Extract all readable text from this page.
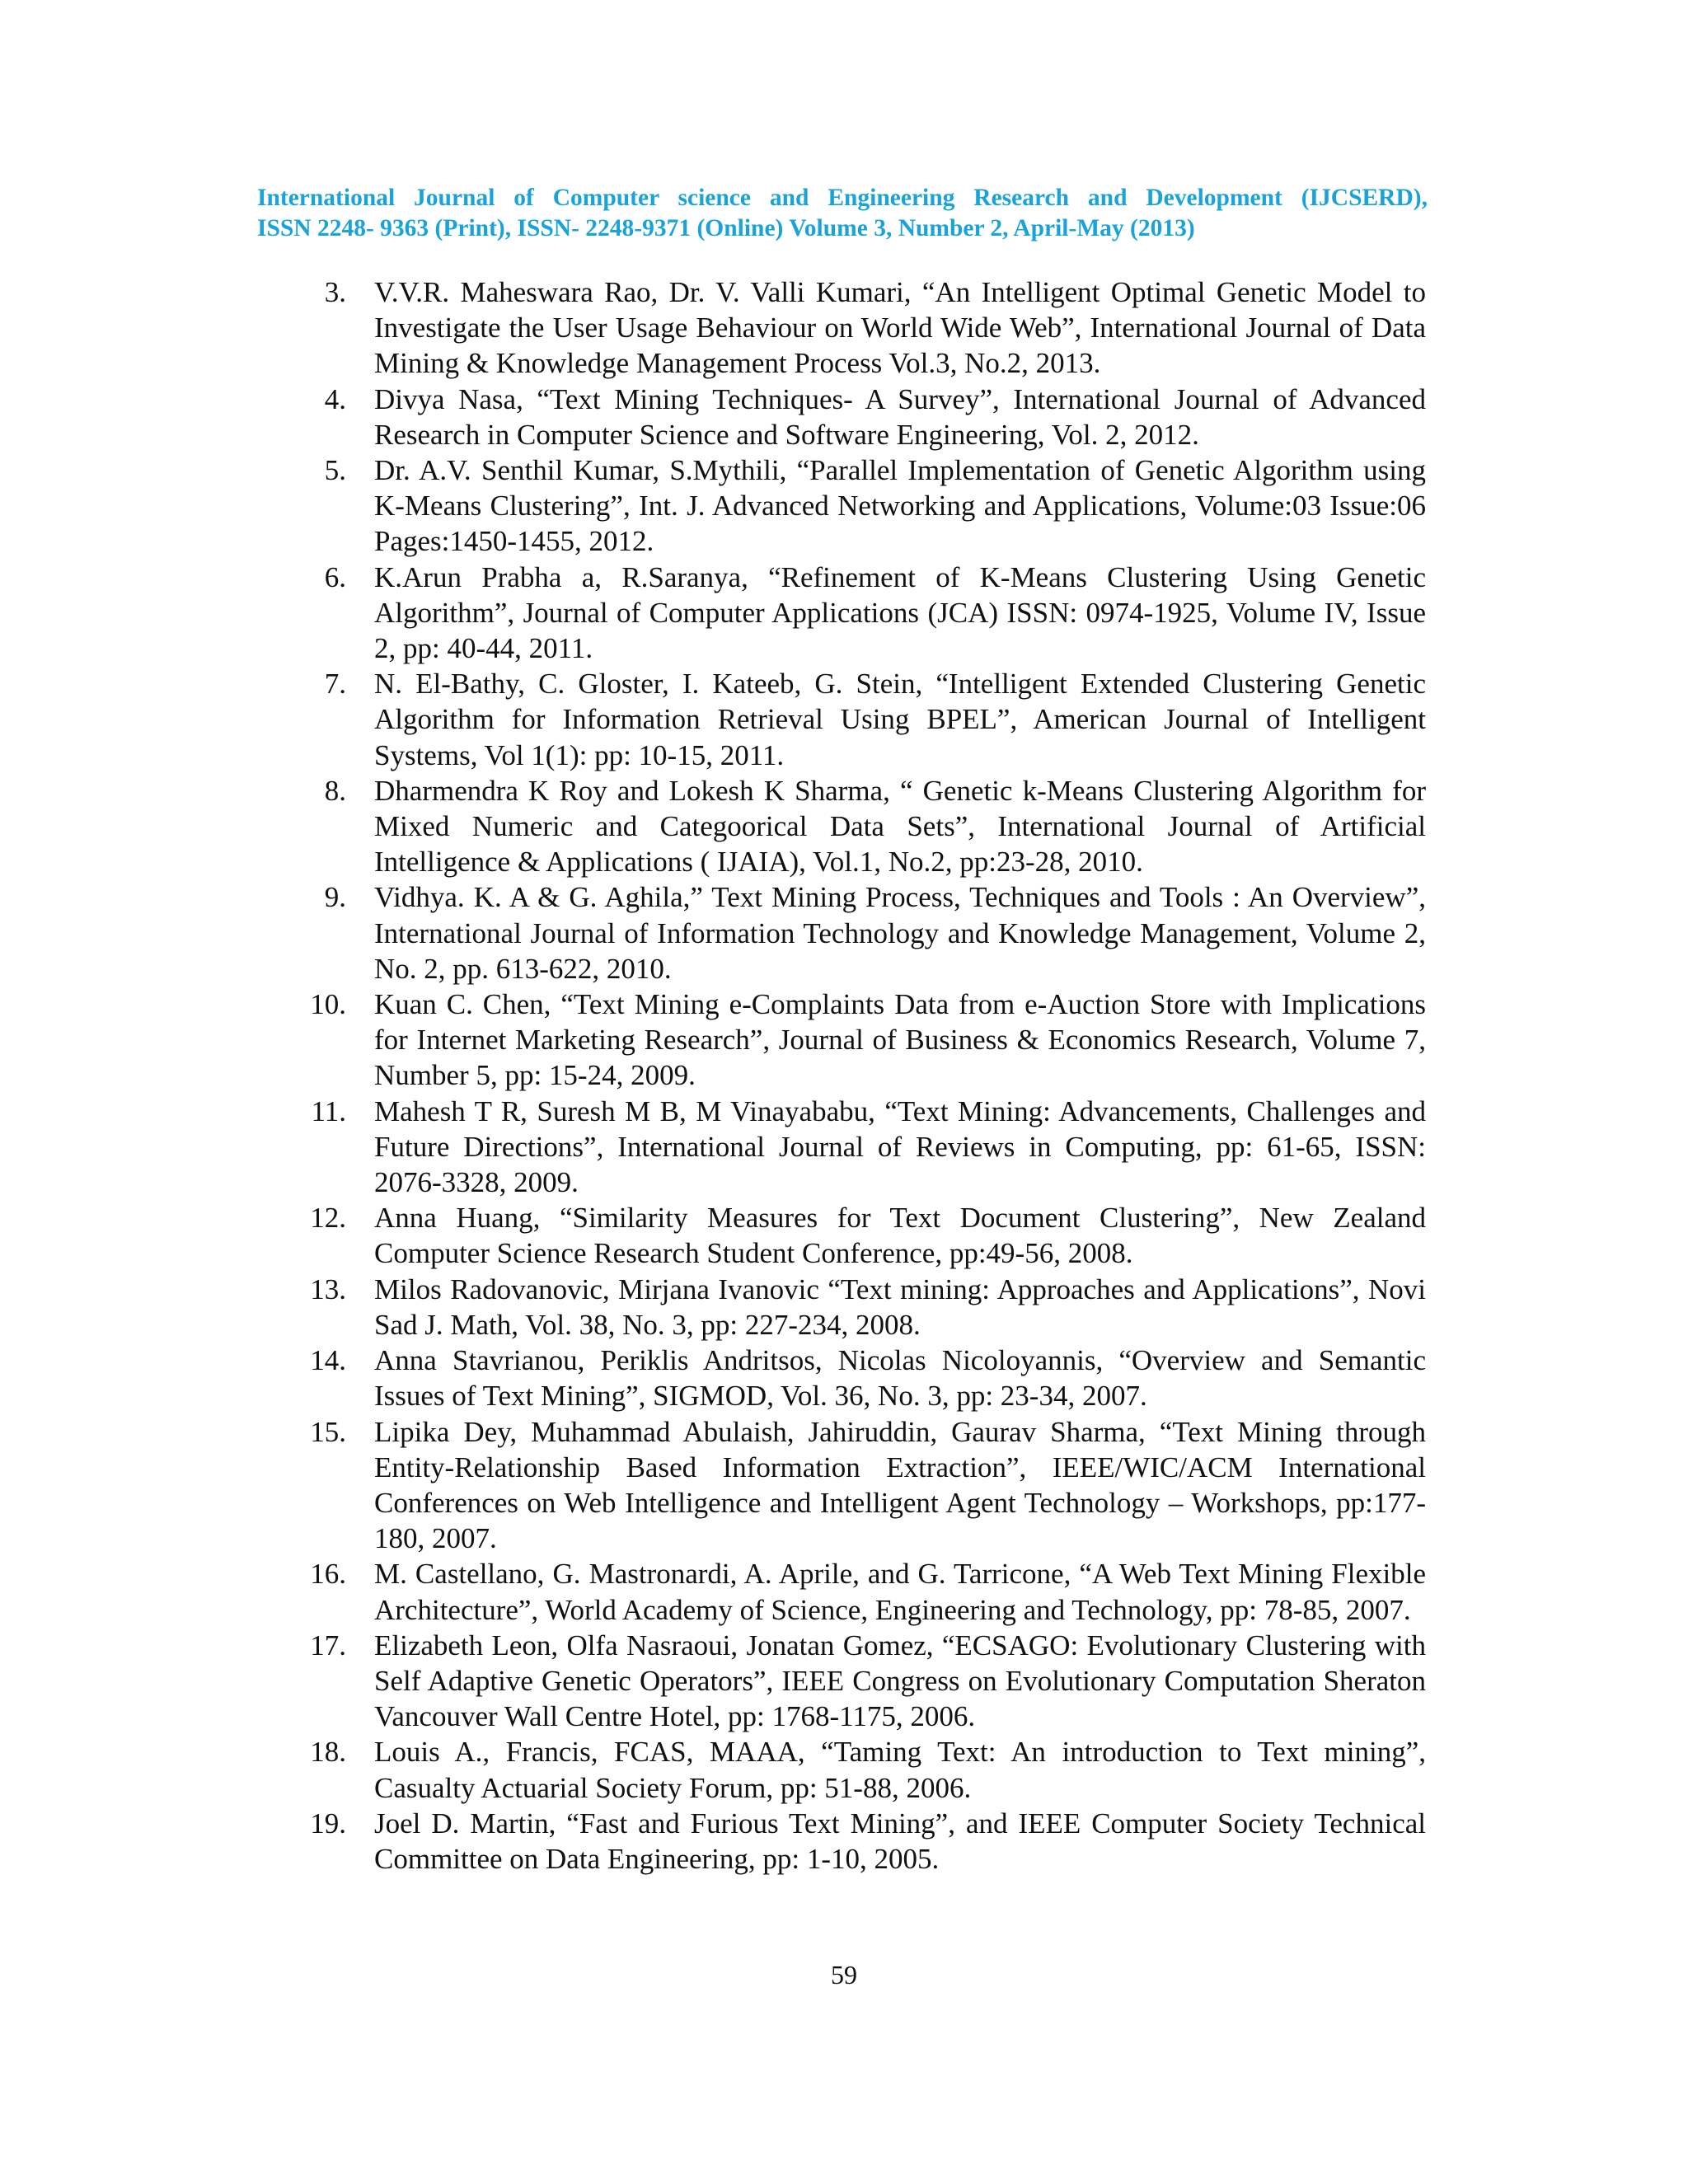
International Journal of Computer science and Engineering Research and Development (IJCSERD),
ISSN 2248- 9363 (Print), ISSN- 2248-9371 (Online) Volume 3, Number 2, April-May (2013)
3. V.V.R. Maheswara Rao, Dr. V. Valli Kumari, “An Intelligent Optimal Genetic Model to Investigate the User Usage Behaviour on World Wide Web”, International Journal of Data Mining & Knowledge Management Process Vol.3, No.2, 2013.
4. Divya Nasa, “Text Mining Techniques- A Survey”, International Journal of Advanced Research in Computer Science and Software Engineering, Vol. 2, 2012.
5. Dr. A.V. Senthil Kumar, S.Mythili, “Parallel Implementation of Genetic Algorithm using K-Means Clustering”, Int. J. Advanced Networking and Applications, Volume:03 Issue:06 Pages:1450-1455, 2012.
6. K.Arun Prabha a, R.Saranya, “Refinement of K-Means Clustering Using Genetic Algorithm”, Journal of Computer Applications (JCA) ISSN: 0974-1925, Volume IV, Issue 2, pp: 40-44, 2011.
7. N. El-Bathy, C. Gloster, I. Kateeb, G. Stein, “Intelligent Extended Clustering Genetic Algorithm for Information Retrieval Using BPEL”, American Journal of Intelligent Systems, Vol 1(1): pp: 10-15, 2011.
8. Dharmendra K Roy and Lokesh K Sharma, “ Genetic k-Means Clustering Algorithm for Mixed Numeric and Categoorical Data Sets”, International Journal of Artificial Intelligence & Applications ( IJAIA), Vol.1, No.2, pp:23-28, 2010.
9. Vidhya. K. A & G. Aghila,” Text Mining Process, Techniques and Tools : An Overview”, International Journal of Information Technology and Knowledge Management, Volume 2, No. 2, pp. 613-622, 2010.
10. Kuan C. Chen, “Text Mining e-Complaints Data from e-Auction Store with Implications for Internet Marketing Research”, Journal of Business & Economics Research, Volume 7, Number 5, pp: 15-24, 2009.
11. Mahesh T R, Suresh M B, M Vinayababu, “Text Mining: Advancements, Challenges and Future Directions”, International Journal of Reviews in Computing, pp: 61-65, ISSN: 2076-3328, 2009.
12. Anna Huang, “Similarity Measures for Text Document Clustering”, New Zealand Computer Science Research Student Conference, pp:49-56, 2008.
13. Milos Radovanovic, Mirjana Ivanovic “Text mining: Approaches and Applications”, Novi Sad J. Math, Vol. 38, No. 3, pp: 227-234, 2008.
14. Anna Stavrianou, Periklis Andritsos, Nicolas Nicoloyannis, “Overview and Semantic Issues of Text Mining”, SIGMOD, Vol. 36, No. 3, pp: 23-34, 2007.
15. Lipika Dey, Muhammad Abulaish, Jahiruddin, Gaurav Sharma, “Text Mining through Entity-Relationship Based Information Extraction”, IEEE/WIC/ACM International Conferences on Web Intelligence and Intelligent Agent Technology – Workshops, pp:177-180, 2007.
16. M. Castellano, G. Mastronardi, A. Aprile, and G. Tarricone, “A Web Text Mining Flexible Architecture”, World Academy of Science, Engineering and Technology, pp: 78-85, 2007.
17. Elizabeth Leon, Olfa Nasraoui, Jonatan Gomez, “ECSAGO: Evolutionary Clustering with Self Adaptive Genetic Operators”, IEEE Congress on Evolutionary Computation Sheraton Vancouver Wall Centre Hotel, pp: 1768-1175, 2006.
18. Louis A., Francis, FCAS, MAAA, “Taming Text: An introduction to Text mining”, Casualty Actuarial Society Forum, pp: 51-88, 2006.
19. Joel D. Martin, “Fast and Furious Text Mining”, and IEEE Computer Society Technical Committee on Data Engineering, pp: 1-10, 2005.
59
